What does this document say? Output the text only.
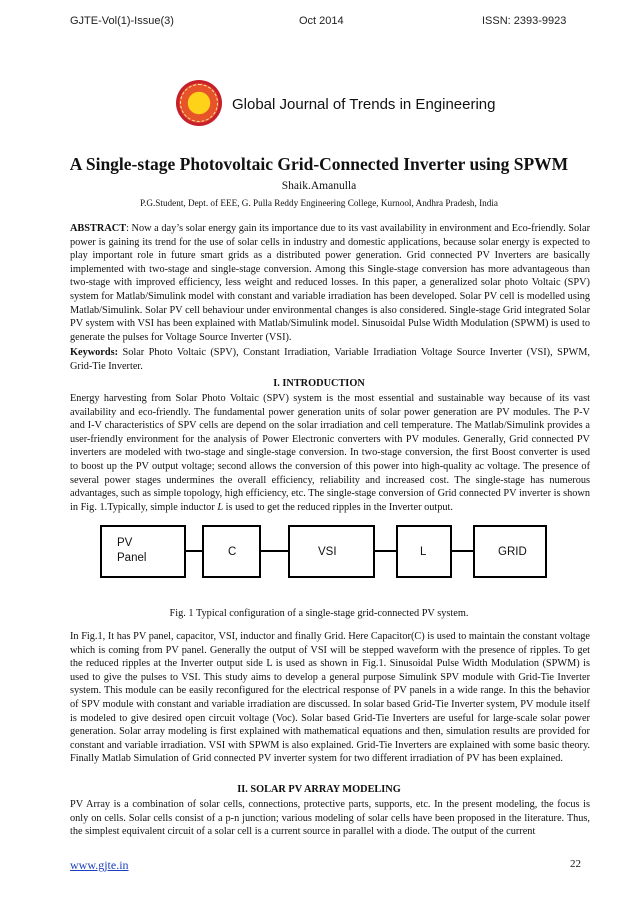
GJTE-Vol(1)-Issue(3)	Oct 2014	ISSN: 2393-9923
Global Journal of Trends in Engineering
A Single-stage Photovoltaic Grid-Connected Inverter using SPWM
Shaik.Amanulla
P.G.Student, Dept. of EEE, G. Pulla Reddy Engineering College, Kurnool, Andhra Pradesh, India

ABSTRACT: Now a day’s solar energy gain its importance due to its vast availability in environment and Eco-friendly. Solar power is gaining its trend for the use of solar cells in industry and domestic applications, because solar energy is expected to play important role in future smart grids as a distributed power generation. Grid connected PV Inverters are basically implemented with two-stage and single-stage conversion. Among this Single-stage conversion has more advantageous than two-stage with improved efficiency, less weight and reduced losses. In this paper, a generalized solar photo Voltaic (SPV) system for Matlab/Simulink model with constant and variable irradiation has been developed. Solar PV cell is modelled using Matlab/Simulink. Solar PV cell behaviour under environmental changes is also considered. Single-stage Grid integrated Solar PV system with VSI has been explained with Matlab/Simulink model. Sinusoidal Pulse Width Modulation (SPWM) is used to generate the pulses for Voltage Source Inverter (VSI).

Keywords: Solar Photo Voltaic (SPV), Constant Irradiation, Variable Irradiation Voltage Source Inverter (VSI), SPWM, Grid-Tie Inverter.

I. INTRODUCTION

Energy harvesting from Solar Photo Voltaic (SPV) system is the most essential and sustainable way because of its vast availability and eco-friendly. The fundamental power generation units of solar power generation are PV modules. The P-V and I-V characteristics of SPV cells are depend on the solar irradiation and cell temperature. The Matlab/Simulink provides a user-friendly environment for the analysis of Power Electronic converters with PV modules. Generally, Grid connected PV inverters are modeled with two-stage and single-stage conversion. In two-stage conversion, the first Boost converter is used to boost up the PV output voltage; second allows the conversion of this power into high-quality ac voltage. The presence of several power stages undermines the overall efficiency, reliability and increased cost. The single-stage has numerous advantages, such as simple topology, high efficiency, etc. The single-stage conversion of Grid connected PV inverter is shown in Fig. 1.Typically, simple inductor L is used to get the reduced ripples in the Inverter output.

PV
Panel	C	VSI	L	GRID
Fig. 1 Typical configuration of a single-stage grid-connected PV system.

In Fig.1, It has PV panel, capacitor, VSI, inductor and finally Grid. Here Capacitor(C) is used to maintain the constant voltage which is coming from PV panel. Generally the output of VSI will be stepped waveform with the presence of ripples. To get the reduced ripples at the Inverter output side L is used as shown in Fig.1. Sinusoidal Pulse Width Modulation (SPWM) is used to give the pulses to VSI. This study aims to develop a general purpose Simulink SPV module with Grid-Tie Inverter system. This module can be easily reconfigured for the electrical response of PV panels in a wide range. In this the behavior of SPV module with constant and variable irradiation are discussed. In solar based Grid-Tie Inverter system, PV module itself is modeled to give desired open circuit voltage (Voc). Solar based Grid-Tie Inverters are useful for large-scale solar power generation. Solar array modeling is first explained with mathematical equations and then, simulation results are provided for constant and variable irradiation. VSI with SPWM is also explained. Grid-Tie Inverters are explained with some basic theory. Finally Matlab Simulation of Grid connected PV inverter system for two different irradiation of PV has been explained.

II. SOLAR PV ARRAY MODELING

PV Array is a combination of solar cells, connections, protective parts, supports, etc. In the present modeling, the focus is only on cells. Solar cells consist of a p-n junction; various modeling of solar cells have been proposed in the literature. Thus, the simplest equivalent circuit of a solar cell is a current source in parallel with a diode. The output of the current

www.gjte.in	22
